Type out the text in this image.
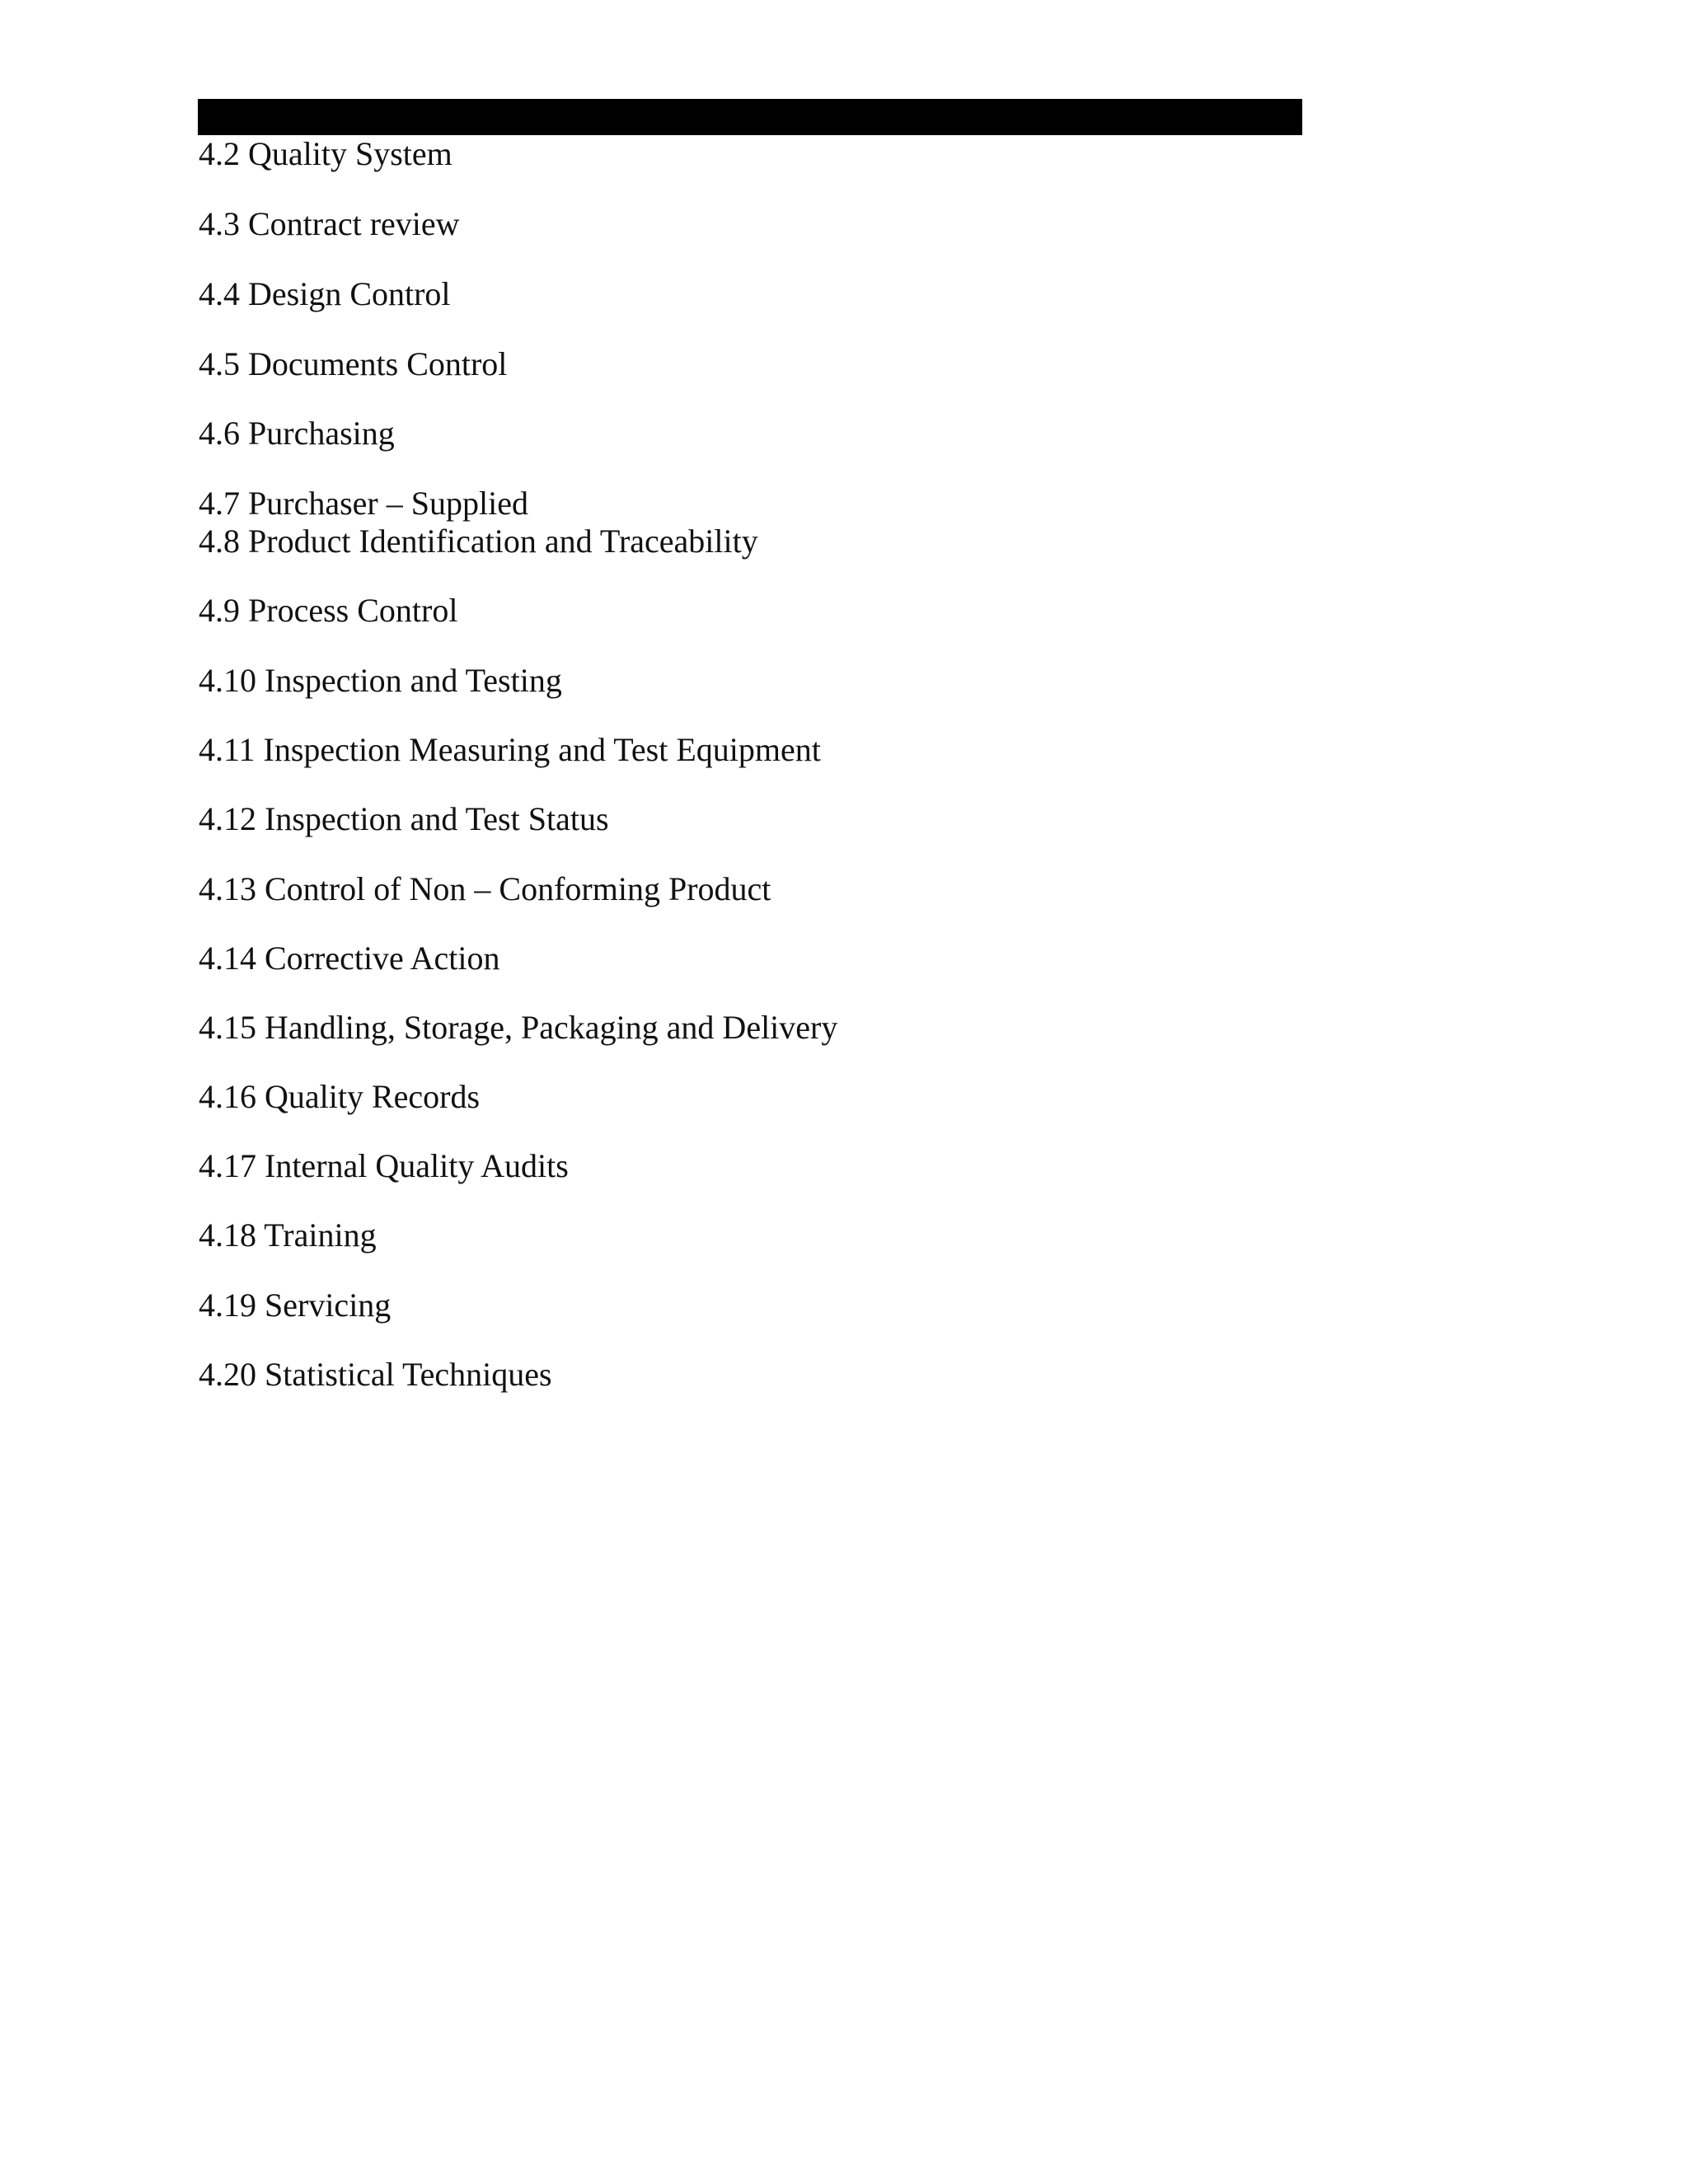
4.2 Quality System

4.3 Contract review

4.4 Design Control

4.5 Documents Control

4.6 Purchasing

4.7 Purchaser – Supplied

4.8 Product Identification and Traceability

4.9 Process Control

4.10 Inspection and Testing

4.11 Inspection Measuring and Test Equipment

4.12 Inspection and Test Status

4.13 Control of Non – Conforming Product

4.14 Corrective Action

4.15 Handling, Storage, Packaging and Delivery

4.16 Quality Records

4.17 Internal Quality Audits

4.18 Training

4.19 Servicing

4.20 Statistical Techniques
